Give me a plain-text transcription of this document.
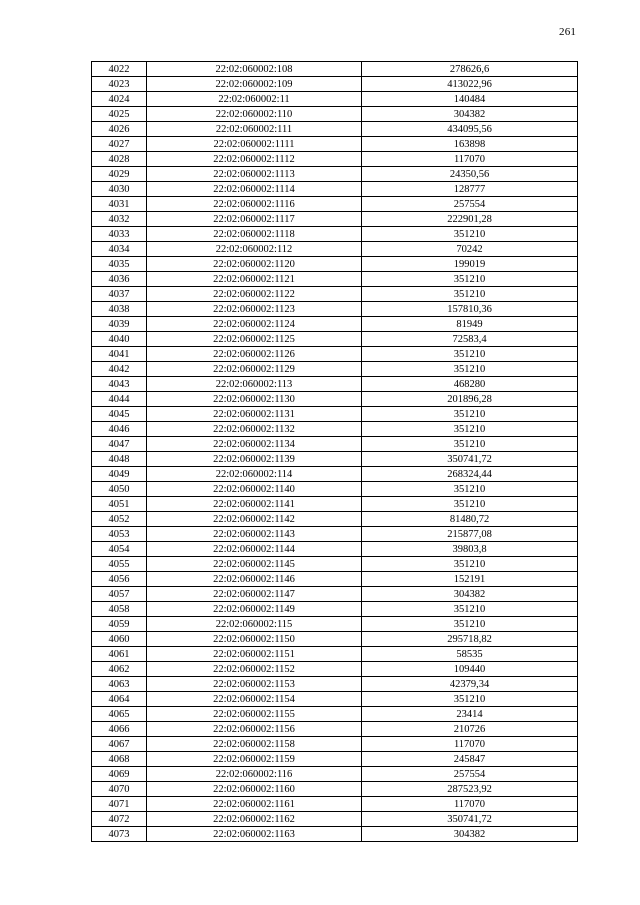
261
4022	22:02:060002:108	278626,6
4023	22:02:060002:109	413022,96
4024	22:02:060002:11	140484
4025	22:02:060002:110	304382
4026	22:02:060002:111	434095,56
4027	22:02:060002:1111	163898
4028	22:02:060002:1112	117070
4029	22:02:060002:1113	24350,56
4030	22:02:060002:1114	128777
4031	22:02:060002:1116	257554
4032	22:02:060002:1117	222901,28
4033	22:02:060002:1118	351210
4034	22:02:060002:112	70242
4035	22:02:060002:1120	199019
4036	22:02:060002:1121	351210
4037	22:02:060002:1122	351210
4038	22:02:060002:1123	157810,36
4039	22:02:060002:1124	81949
4040	22:02:060002:1125	72583,4
4041	22:02:060002:1126	351210
4042	22:02:060002:1129	351210
4043	22:02:060002:113	468280
4044	22:02:060002:1130	201896,28
4045	22:02:060002:1131	351210
4046	22:02:060002:1132	351210
4047	22:02:060002:1134	351210
4048	22:02:060002:1139	350741,72
4049	22:02:060002:114	268324,44
4050	22:02:060002:1140	351210
4051	22:02:060002:1141	351210
4052	22:02:060002:1142	81480,72
4053	22:02:060002:1143	215877,08
4054	22:02:060002:1144	39803,8
4055	22:02:060002:1145	351210
4056	22:02:060002:1146	152191
4057	22:02:060002:1147	304382
4058	22:02:060002:1149	351210
4059	22:02:060002:115	351210
4060	22:02:060002:1150	295718,82
4061	22:02:060002:1151	58535
4062	22:02:060002:1152	109440
4063	22:02:060002:1153	42379,34
4064	22:02:060002:1154	351210
4065	22:02:060002:1155	23414
4066	22:02:060002:1156	210726
4067	22:02:060002:1158	117070
4068	22:02:060002:1159	245847
4069	22:02:060002:116	257554
4070	22:02:060002:1160	287523,92
4071	22:02:060002:1161	117070
4072	22:02:060002:1162	350741,72
4073	22:02:060002:1163	304382
